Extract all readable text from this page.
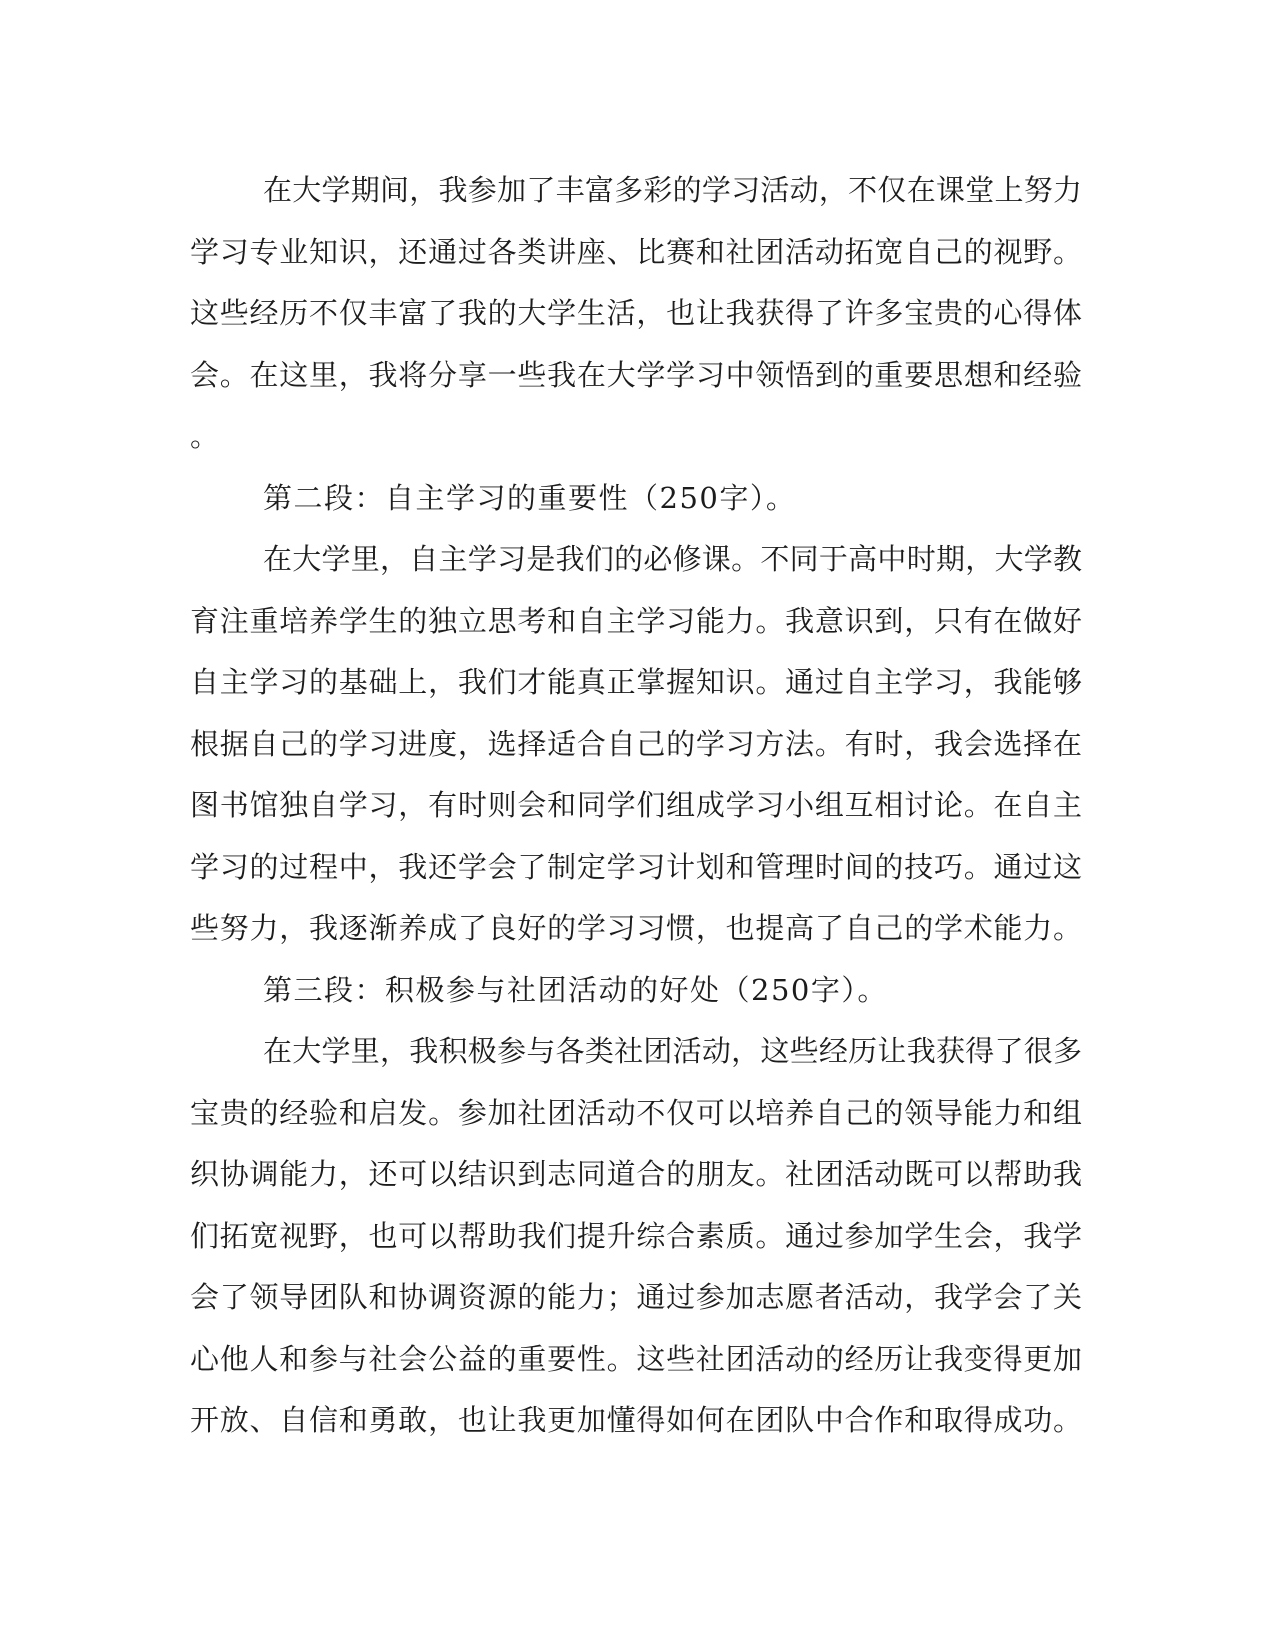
在大学期间，我参加了丰富多彩的学习活动，不仅在课堂上努力
学习专业知识，还通过各类讲座、比赛和社团活动拓宽自己的视野。
这些经历不仅丰富了我的大学生活，也让我获得了许多宝贵的心得体
会。在这里，我将分享一些我在大学学习中领悟到的重要思想和经验
。
第二段：自主学习的重要性（250字）。
在大学里，自主学习是我们的必修课。不同于高中时期，大学教
育注重培养学生的独立思考和自主学习能力。我意识到，只有在做好
自主学习的基础上，我们才能真正掌握知识。通过自主学习，我能够
根据自己的学习进度，选择适合自己的学习方法。有时，我会选择在
图书馆独自学习，有时则会和同学们组成学习小组互相讨论。在自主
学习的过程中，我还学会了制定学习计划和管理时间的技巧。通过这
些努力，我逐渐养成了良好的学习习惯，也提高了自己的学术能力。
第三段：积极参与社团活动的好处（250字）。
在大学里，我积极参与各类社团活动，这些经历让我获得了很多
宝贵的经验和启发。参加社团活动不仅可以培养自己的领导能力和组
织协调能力，还可以结识到志同道合的朋友。社团活动既可以帮助我
们拓宽视野，也可以帮助我们提升综合素质。通过参加学生会，我学
会了领导团队和协调资源的能力；通过参加志愿者活动，我学会了关
心他人和参与社会公益的重要性。这些社团活动的经历让我变得更加
开放、自信和勇敢，也让我更加懂得如何在团队中合作和取得成功。
